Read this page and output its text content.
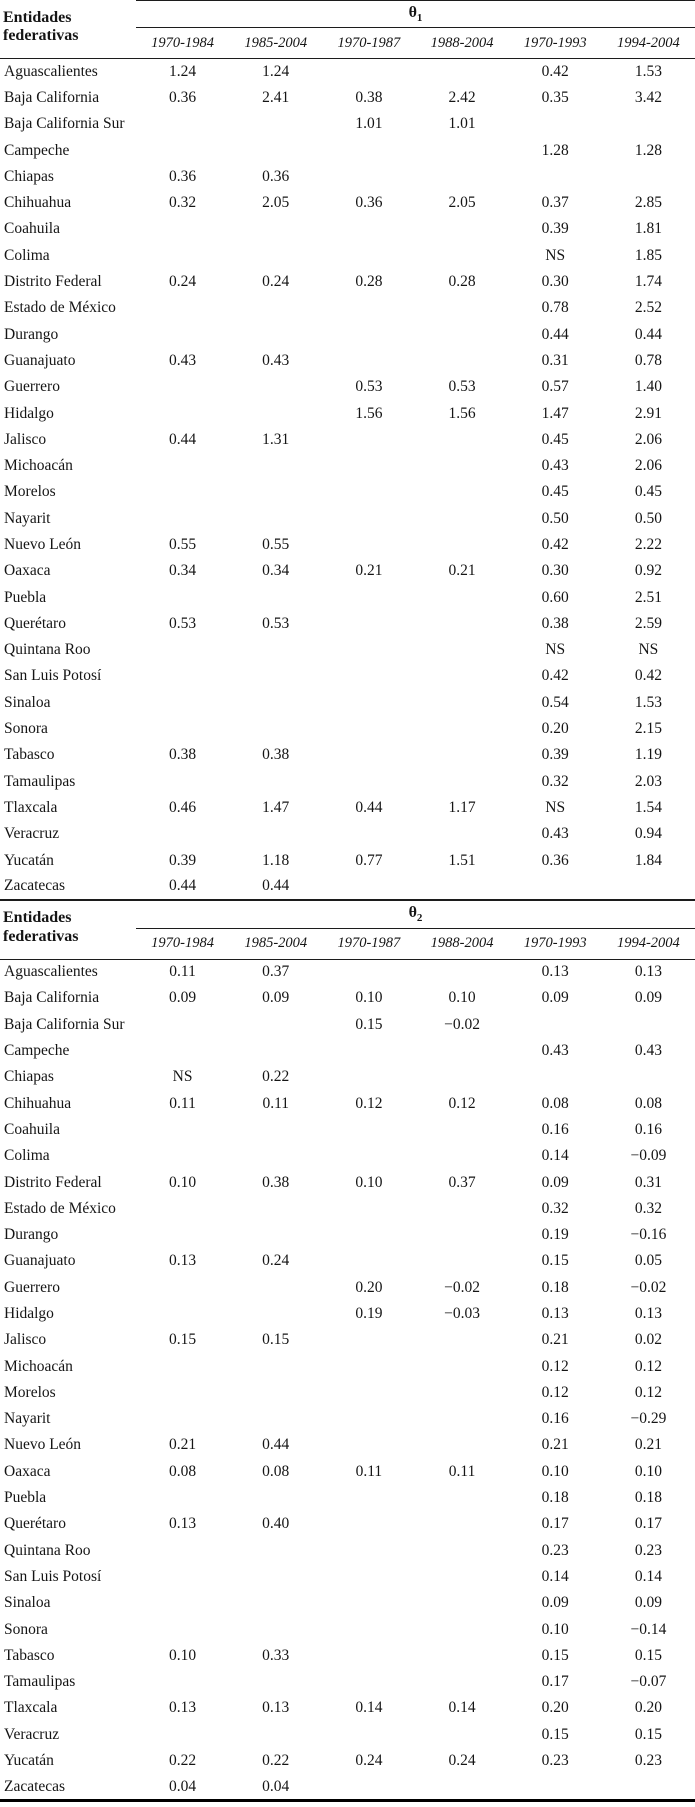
Entidades federativas	$\theta_1$
	1970-1984	1985-2004	1970-1987	1988-2004	1970-1993	1994-2004
Aguascalientes	1.24	1.24			0.42	1.53
Baja California	0.36	2.41	0.38	2.42	0.35	3.42
Baja California Sur			1.01	1.01		
Campeche					1.28	1.28
Chiapas	0.36	0.36				
Chihuahua	0.32	2.05	0.36	2.05	0.37	2.85
Coahuila					0.39	1.81
Colima					NS	1.85
Distrito Federal	0.24	0.24	0.28	0.28	0.30	1.74
Estado de México					0.78	2.52
Durango					0.44	0.44
Guanajuato	0.43	0.43			0.31	0.78
Guerrero			0.53	0.53	0.57	1.40
Hidalgo			1.56	1.56	1.47	2.91
Jalisco	0.44	1.31			0.45	2.06
Michoacán					0.43	2.06
Morelos					0.45	0.45
Nayarit					0.50	0.50
Nuevo León	0.55	0.55			0.42	2.22
Oaxaca	0.34	0.34	0.21	0.21	0.30	0.92
Puebla					0.60	2.51
Querétaro	0.53	0.53			0.38	2.59
Quintana Roo					NS	NS
San Luis Potosí					0.42	0.42
Sinaloa					0.54	1.53
Sonora					0.20	2.15
Tabasco	0.38	0.38			0.39	1.19
Tamaulipas					0.32	2.03
Tlaxcala	0.46	1.47	0.44	1.17	NS	1.54
Veracruz					0.43	0.94
Yucatán	0.39	1.18	0.77	1.51	0.36	1.84
Zacatecas	0.44	0.44				
Entidades federativas	$\theta_2$
	1970-1984	1985-2004	1970-1987	1988-2004	1970-1993	1994-2004
Aguascalientes	0.11	0.37			0.13	0.13
Baja California	0.09	0.09	0.10	0.10	0.09	0.09
Baja California Sur			0.15	−0.02		
Campeche					0.43	0.43
Chiapas	NS	0.22				
Chihuahua	0.11	0.11	0.12	0.12	0.08	0.08
Coahuila					0.16	0.16
Colima					0.14	−0.09
Distrito Federal	0.10	0.38	0.10	0.37	0.09	0.31
Estado de México					0.32	0.32
Durango					0.19	−0.16
Guanajuato	0.13	0.24			0.15	0.05
Guerrero			0.20	−0.02	0.18	−0.02
Hidalgo			0.19	−0.03	0.13	0.13
Jalisco	0.15	0.15			0.21	0.02
Michoacán					0.12	0.12
Morelos					0.12	0.12
Nayarit					0.16	−0.29
Nuevo León	0.21	0.44			0.21	0.21
Oaxaca	0.08	0.08	0.11	0.11	0.10	0.10
Puebla					0.18	0.18
Querétaro	0.13	0.40			0.17	0.17
Quintana Roo					0.23	0.23
San Luis Potosí					0.14	0.14
Sinaloa					0.09	0.09
Sonora					0.10	−0.14
Tabasco	0.10	0.33			0.15	0.15
Tamaulipas					0.17	−0.07
Tlaxcala	0.13	0.13	0.14	0.14	0.20	0.20
Veracruz					0.15	0.15
Yucatán	0.22	0.22	0.24	0.24	0.23	0.23
Zacatecas	0.04	0.04				
